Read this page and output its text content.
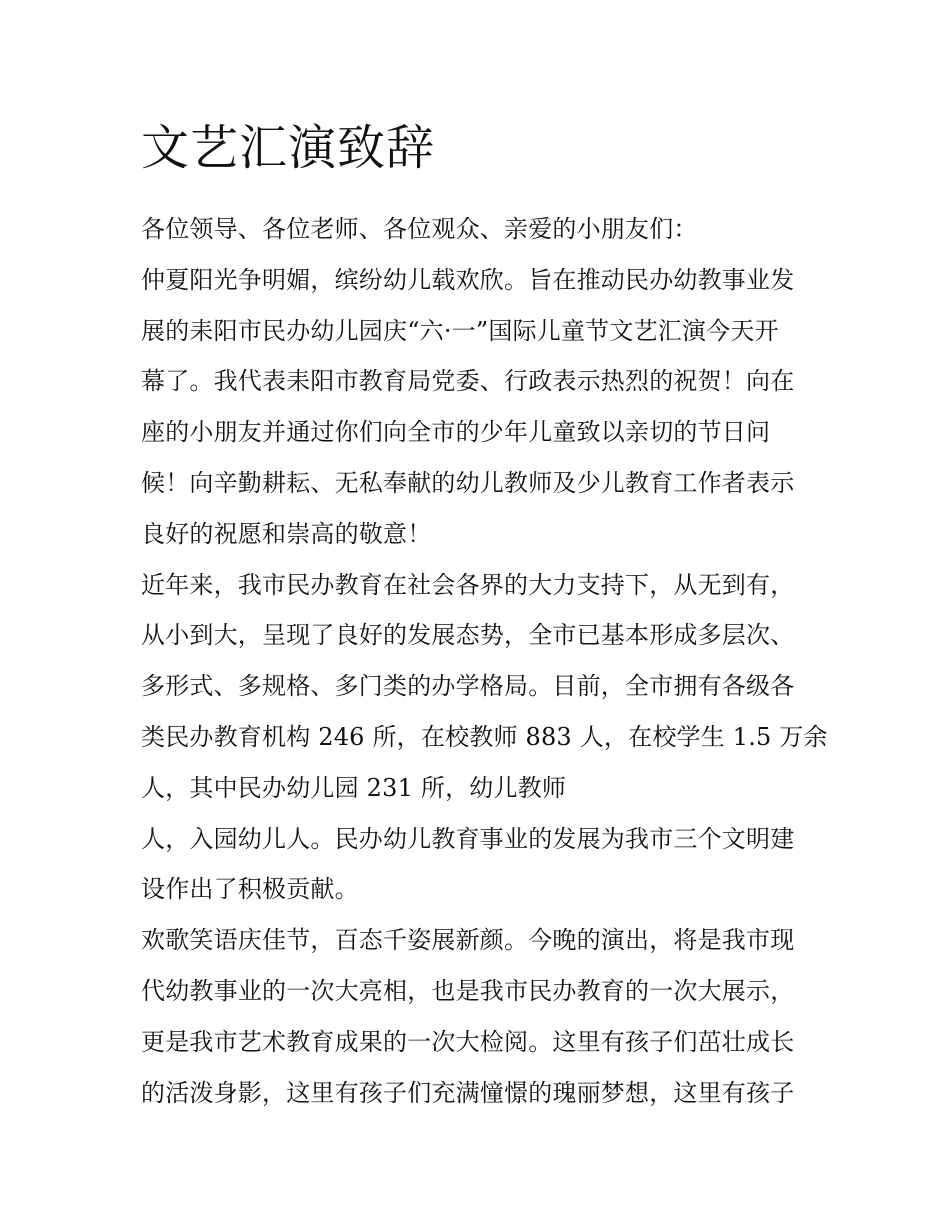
文艺汇演致辞
各位领导、各位老师、各位观众、亲爱的小朋友们：
仲夏阳光争明媚，缤纷幼儿载欢欣。旨在推动民办幼教事业发
展的耒阳市民办幼儿园庆“六·一”国际儿童节文艺汇演今天开
幕了。我代表耒阳市教育局党委、行政表示热烈的祝贺！向在
座的小朋友并通过你们向全市的少年儿童致以亲切的节日问
候！向辛勤耕耘、无私奉献的幼儿教师及少儿教育工作者表示
良好的祝愿和崇高的敬意！
近年来，我市民办教育在社会各界的大力支持下，从无到有，
从小到大，呈现了良好的发展态势，全市已基本形成多层次、
多形式、多规格、多门类的办学格局。目前，全市拥有各级各
类民办教育机构 246 所，在校教师 883 人，在校学生 1.5 万余
人，其中民办幼儿园 231 所，幼儿教师
人，入园幼儿人。民办幼儿教育事业的发展为我市三个文明建
设作出了积极贡献。
欢歌笑语庆佳节，百态千姿展新颜。今晚的演出，将是我市现
代幼教事业的一次大亮相，也是我市民办教育的一次大展示，
更是我市艺术教育成果的一次大检阅。这里有孩子们茁壮成长
的活泼身影，这里有孩子们充满憧憬的瑰丽梦想，这里有孩子
